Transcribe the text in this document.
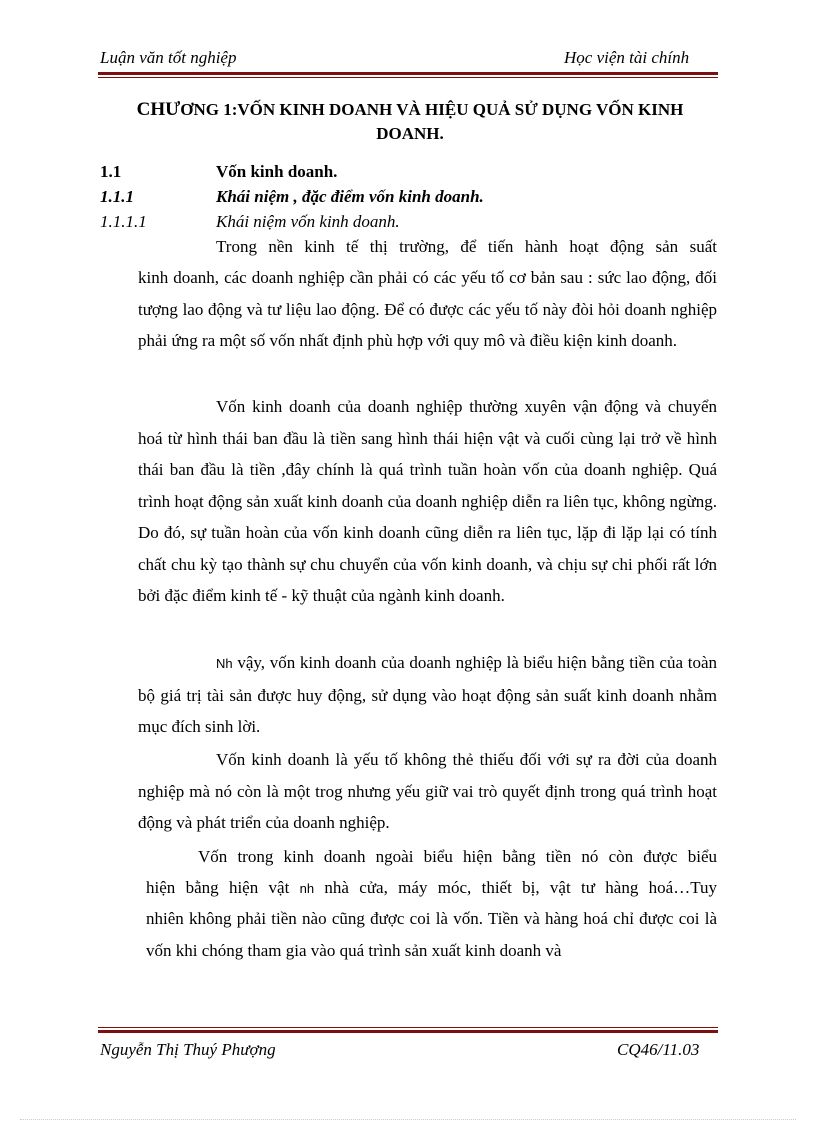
Luận văn tốt nghiệp	Học viện tài chính
CHƯƠNG 1:VỐN KINH DOANH VÀ HIỆU QUẢ SỬ DỤNG VỐN KINH
DOANH.
1.1	Vốn kinh doanh.
1.1.1	Khái niệm , đặc điểm vốn kinh doanh.
1.1.1.1	Khái niệm vốn kinh doanh.
Trong nền kinh tế thị trường, để tiến hành hoạt động sản suất
kinh doanh, các doanh nghiệp cần phải có các yếu tố cơ bản sau : sức lao động, đối tượng lao động và tư liệu lao động. Để có được các yếu tố này đòi hỏi doanh nghiệp phải ứng ra một số vốn nhất định phù hợp với quy mô và điều kiện kinh doanh.
Vốn kinh doanh của doanh nghiệp thường xuyên vận động và chuyển hoá từ hình thái ban đầu là tiền sang hình thái hiện vật và cuối cùng lại trở về hình thái ban đầu là tiền ,đây chính là quá trình tuần hoàn vốn của doanh nghiệp. Quá trình hoạt động sản xuất kinh doanh của doanh nghiệp diễn ra liên tục, không ngừng. Do đó, sự tuần hoàn của vốn kinh doanh cũng diễn ra liên tục, lặp đi lặp lại có tính chất chu kỳ tạo thành sự chu chuyển của vốn kinh doanh, và chịu sự chi phối rất lớn bởi đặc điểm kinh tế - kỹ thuật của ngành kinh doanh.
Nh vậy, vốn kinh doanh của doanh nghiệp là biểu hiện bằng tiền của toàn bộ giá trị tài sản được huy động, sử dụng vào hoạt động sản suất kinh doanh nhằm mục đích sinh lời.
Vốn kinh doanh là yếu tố không thẻ thiếu đối với sự ra đời của doanh nghiệp mà nó còn là một trog nhưng yếu giữ vai trò quyết định trong quá trình hoạt động và phát triển của doanh nghiệp.
Vốn trong kinh doanh ngoài biểu hiện bằng tiền nó còn được biểu
hiện bằng hiện vật nh nhà cửa, máy móc, thiết bị, vật tư hàng hoá…Tuy
nhiên không phải tiền nào cũng được coi là vốn. Tiền và hàng hoá chỉ được coi là vốn khi chóng tham gia vào quá trình sản xuất kinh doanh và
Nguyễn Thị Thuý Phượng	CQ46/11.03
